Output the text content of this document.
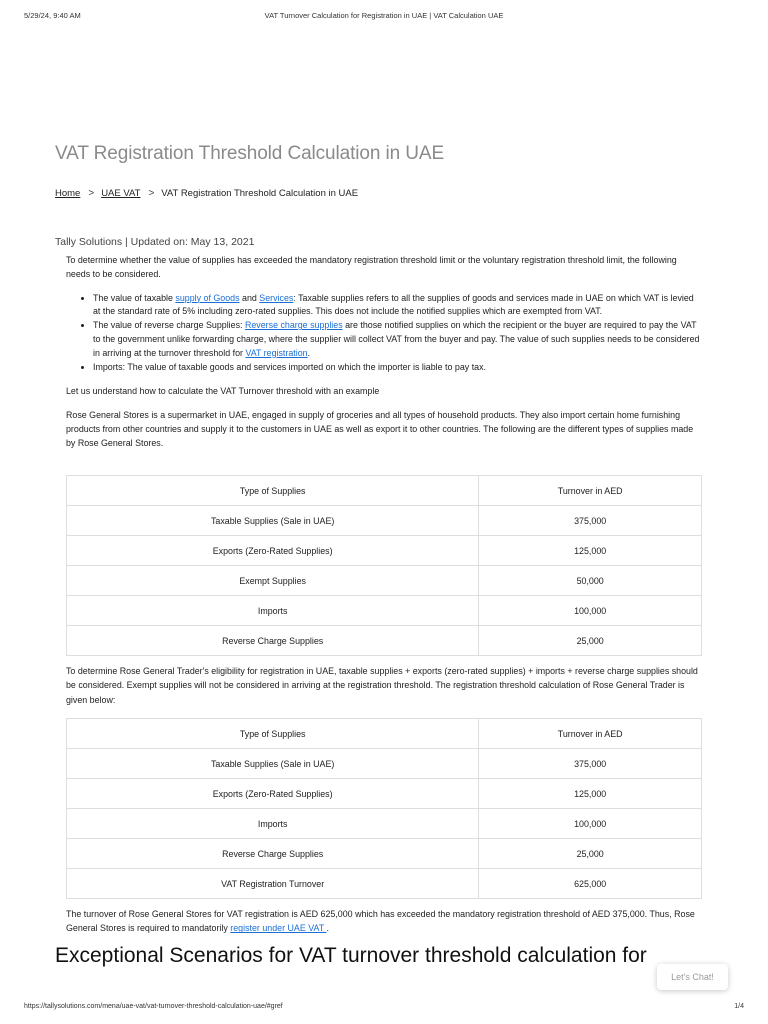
5/29/24, 9:40 AM	VAT Turnover Calculation for Registration in UAE | VAT Calculation UAE
VAT Registration Threshold Calculation in UAE
Home > UAE VAT > VAT Registration Threshold Calculation in UAE
Tally Solutions | Updated on: May 13, 2021

To determine whether the value of supplies has exceeded the mandatory registration threshold limit or the voluntary registration threshold limit, the following needs to be considered.

• The value of taxable supply of Goods and Services: Taxable supplies refers to all the supplies of goods and services made in UAE on which VAT is levied at the standard rate of 5% including zero-rated supplies. This does not include the notified supplies which are exempted from VAT.
• The value of reverse charge Supplies: Reverse charge supplies are those notified supplies on which the recipient or the buyer are required to pay the VAT to the government unlike forwarding charge, where the supplier will collect VAT from the buyer and pay. The value of such supplies needs to be considered in arriving at the turnover threshold for VAT registration.
• Imports: The value of taxable goods and services imported on which the importer is liable to pay tax.

Let us understand how to calculate the VAT Turnover threshold with an example

Rose General Stores is a supermarket in UAE, engaged in supply of groceries and all types of household products. They also import certain home furnishing products from other countries and supply it to the customers in UAE as well as export it to other countries. The following are the different types of supplies made by Rose General Stores.

Type of Supplies	Turnover in AED
Taxable Supplies (Sale in UAE)	375,000
Exports (Zero-Rated Supplies)	125,000
Exempt Supplies	50,000
Imports	100,000
Reverse Charge Supplies	25,000

To determine Rose General Trader's eligibility for registration in UAE, taxable supplies + exports (zero-rated supplies) + imports + reverse charge supplies should be considered. Exempt supplies will not be considered in arriving at the registration threshold. The registration threshold calculation of Rose General Trader is given below:

Type of Supplies	Turnover in AED
Taxable Supplies (Sale in UAE)	375,000
Exports (Zero-Rated Supplies)	125,000
Imports	100,000
Reverse Charge Supplies	25,000
VAT Registration Turnover	625,000

The turnover of Rose General Stores for VAT registration is AED 625,000 which has exceeded the mandatory registration threshold of AED 375,000. Thus, Rose General Stores is required to mandatorily register under UAE VAT .

Exceptional Scenarios for VAT turnover threshold calculation for
Let's Chat!
https://tallysolutions.com/mena/uae-vat/vat-turnover-threshold-calculation-uae/#gref	1/4
